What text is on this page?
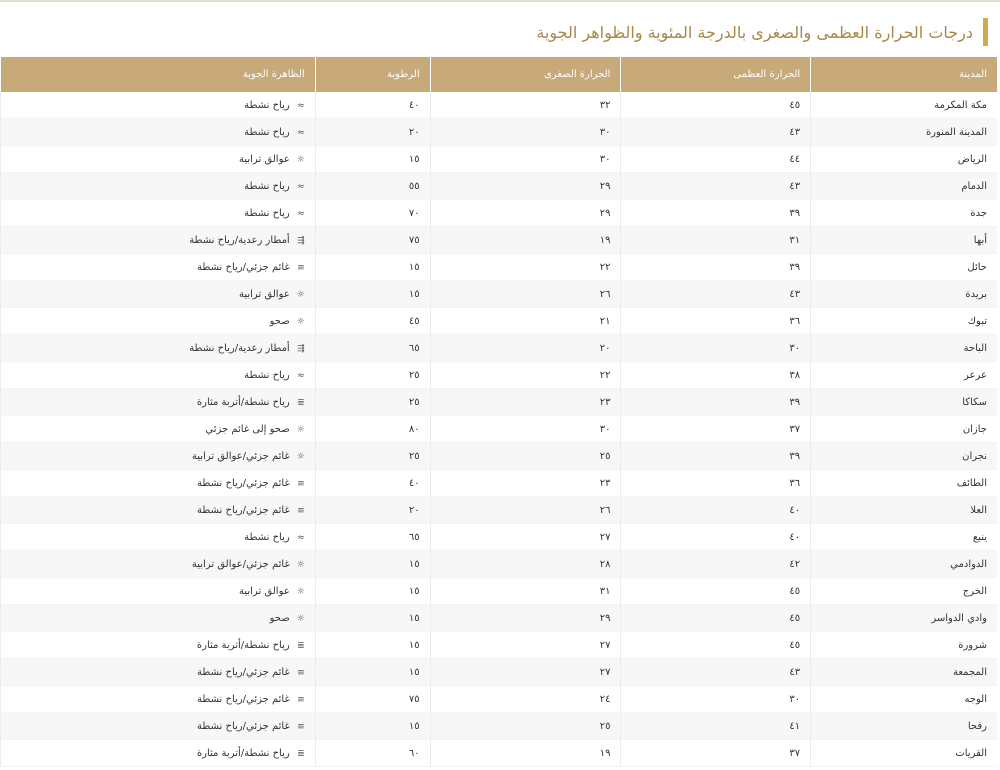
درجات الحرارة العظمى والصغرى بالدرجة المئوية والظواهر الجوية
المدينة	الحرارة العظمى	الحرارة الصغرى	الرطوبة	الظاهرة الجوية
مكة المكرمة	٤٥	٣٢	٤٠	≈رياح نشطة
المدينة المنورة	٤٣	٣٠	٢٠	≈رياح نشطة
الرياض	٤٤	٣٠	١٥	☼عوالق ترابية
الدمام	٤٣	٢٩	٥٥	≈رياح نشطة
جدة	٣٩	٢٩	٧٠	≈رياح نشطة
أبها	٣١	١٩	٧٥	⇶أمطار رعدية/رياح نشطة
حائل	٣٩	٢٢	١٥	≡غائم جزئي/رياح نشطة
بريدة	٤٣	٢٦	١٥	☼عوالق ترابية
تبوك	٣٦	٢١	٤٥	☼صحو
الباحة	٣٠	٢٠	٦٥	⇶أمطار رعدية/رياح نشطة
عرعر	٣٨	٢٢	٢٥	≈رياح نشطة
سكاكا	٣٩	٢٣	٢٥	≣رياح نشطة/أتربة مثارة
جازان	٣٧	٣٠	٨٠	☼صحو إلى غائم جزئي
نجران	٣٩	٢٥	٢٥	☼غائم جزئي/عوالق ترابية
الطائف	٣٦	٢٣	٤٠	≡غائم جزئي/رياح نشطة
العلا	٤٠	٢٦	٢٠	≡غائم جزئي/رياح نشطة
ينبع	٤٠	٢٧	٦٥	≈رياح نشطة
الدوادمي	٤٢	٢٨	١٥	☼غائم جزئي/عوالق ترابية
الخرج	٤٥	٣١	١٥	☼عوالق ترابية
وادي الدواسر	٤٥	٢٩	١٥	☼صحو
شرورة	٤٥	٢٧	١٥	≣رياح نشطة/أتربة مثارة
المجمعة	٤٣	٢٧	١٥	≡غائم جزئي/رياح نشطة
الوجه	٣٠	٢٤	٧٥	≡غائم جزئي/رياح نشطة
رفحا	٤١	٢٥	١٥	≡غائم جزئي/رياح نشطة
القريات	٣٧	١٩	٦٠	≣رياح نشطة/أتربة مثارة
